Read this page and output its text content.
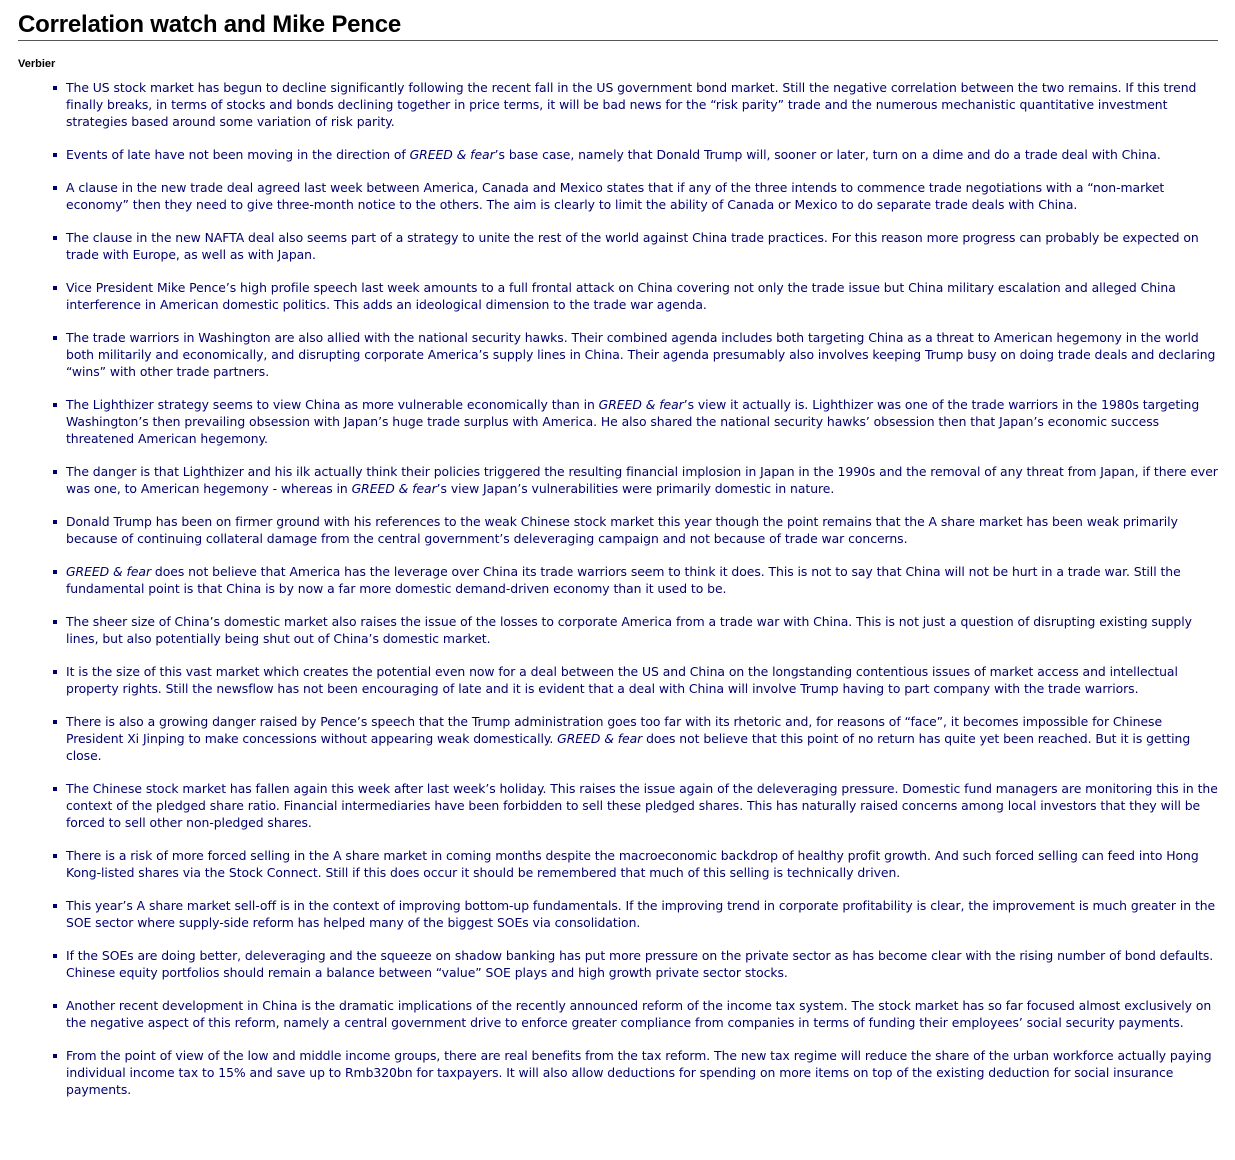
Correlation watch and Mike Pence
Verbier
The US stock market has begun to decline significantly following the recent fall in the US government bond market. Still the negative correlation between the two remains. If this trend finally breaks, in terms of stocks and bonds declining together in price terms, it will be bad news for the “risk parity” trade and the numerous mechanistic quantitative investment strategies based around some variation of risk parity.
Events of late have not been moving in the direction of GREED & fear’s base case, namely that Donald Trump will, sooner or later, turn on a dime and do a trade deal with China.
A clause in the new trade deal agreed last week between America, Canada and Mexico states that if any of the three intends to commence trade negotiations with a “non-market economy” then they need to give three-month notice to the others. The aim is clearly to limit the ability of Canada or Mexico to do separate trade deals with China.
The clause in the new NAFTA deal also seems part of a strategy to unite the rest of the world against China trade practices. For this reason more progress can probably be expected on trade with Europe, as well as with Japan.
Vice President Mike Pence’s high profile speech last week amounts to a full frontal attack on China covering not only the trade issue but China military escalation and alleged China interference in American domestic politics. This adds an ideological dimension to the trade war agenda.
The trade warriors in Washington are also allied with the national security hawks. Their combined agenda includes both targeting China as a threat to American hegemony in the world both militarily and economically, and disrupting corporate America’s supply lines in China. Their agenda presumably also involves keeping Trump busy on doing trade deals and declaring “wins” with other trade partners.
The Lighthizer strategy seems to view China as more vulnerable economically than in GREED & fear’s view it actually is. Lighthizer was one of the trade warriors in the 1980s targeting Washington’s then prevailing obsession with Japan’s huge trade surplus with America. He also shared the national security hawks’ obsession then that Japan’s economic success threatened American hegemony.
The danger is that Lighthizer and his ilk actually think their policies triggered the resulting financial implosion in Japan in the 1990s and the removal of any threat from Japan, if there ever was one, to American hegemony - whereas in GREED & fear’s view Japan’s vulnerabilities were primarily domestic in nature.
Donald Trump has been on firmer ground with his references to the weak Chinese stock market this year though the point remains that the A share market has been weak primarily because of continuing collateral damage from the central government’s deleveraging campaign and not because of trade war concerns.
GREED & fear does not believe that America has the leverage over China its trade warriors seem to think it does. This is not to say that China will not be hurt in a trade war. Still the fundamental point is that China is by now a far more domestic demand-driven economy than it used to be.
The sheer size of China’s domestic market also raises the issue of the losses to corporate America from a trade war with China. This is not just a question of disrupting existing supply lines, but also potentially being shut out of China’s domestic market.
It is the size of this vast market which creates the potential even now for a deal between the US and China on the longstanding contentious issues of market access and intellectual property rights. Still the newsflow has not been encouraging of late and it is evident that a deal with China will involve Trump having to part company with the trade warriors.
There is also a growing danger raised by Pence’s speech that the Trump administration goes too far with its rhetoric and, for reasons of “face”, it becomes impossible for Chinese President Xi Jinping to make concessions without appearing weak domestically. GREED & fear does not believe that this point of no return has quite yet been reached. But it is getting close.
The Chinese stock market has fallen again this week after last week’s holiday. This raises the issue again of the deleveraging pressure. Domestic fund managers are monitoring this in the context of the pledged share ratio. Financial intermediaries have been forbidden to sell these pledged shares. This has naturally raised concerns among local investors that they will be forced to sell other non-pledged shares.
There is a risk of more forced selling in the A share market in coming months despite the macroeconomic backdrop of healthy profit growth. And such forced selling can feed into Hong Kong-listed shares via the Stock Connect. Still if this does occur it should be remembered that much of this selling is technically driven.
This year’s A share market sell-off is in the context of improving bottom-up fundamentals. If the improving trend in corporate profitability is clear, the improvement is much greater in the SOE sector where supply-side reform has helped many of the biggest SOEs via consolidation.
If the SOEs are doing better, deleveraging and the squeeze on shadow banking has put more pressure on the private sector as has become clear with the rising number of bond defaults. Chinese equity portfolios should remain a balance between “value” SOE plays and high growth private sector stocks.
Another recent development in China is the dramatic implications of the recently announced reform of the income tax system. The stock market has so far focused almost exclusively on the negative aspect of this reform, namely a central government drive to enforce greater compliance from companies in terms of funding their employees’ social security payments.
From the point of view of the low and middle income groups, there are real benefits from the tax reform. The new tax regime will reduce the share of the urban workforce actually paying individual income tax to 15% and save up to Rmb320bn for taxpayers. It will also allow deductions for spending on more items on top of the existing deduction for social insurance payments.
